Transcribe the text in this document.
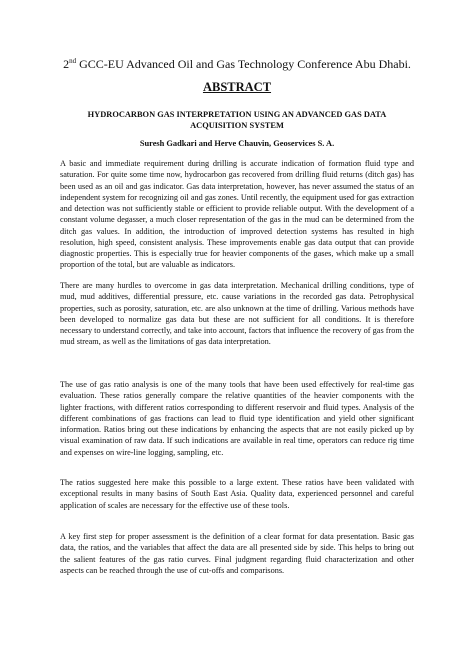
2nd GCC-EU Advanced Oil and Gas Technology Conference Abu Dhabi.
ABSTRACT
HYDROCARBON GAS INTERPRETATION USING AN ADVANCED GAS DATA ACQUISITION SYSTEM
Suresh Gadkari and Herve Chauvin, Geoservices S. A.

A basic and immediate requirement during drilling is accurate indication of formation fluid type and saturation. For quite some time now, hydrocarbon gas recovered from drilling fluid returns (ditch gas) has been used as an oil and gas indicator. Gas data interpretation, however, has never assumed the status of an independent system for recognizing oil and gas zones. Until recently, the equipment used for gas extraction and detection was not sufficiently stable or efficient to provide reliable output. With the development of a constant volume degasser, a much closer representation of the gas in the mud can be determined from the ditch gas values. In addition, the introduction of improved detection systems has resulted in high resolution, high speed, consistent analysis. These improvements enable gas data output that can provide diagnostic properties. This is especially true for heavier components of the gases, which make up a small proportion of the total, but are valuable as indicators.

There are many hurdles to overcome in gas data interpretation. Mechanical drilling conditions, type of mud, mud additives, differential pressure, etc. cause variations in the recorded gas data. Petrophysical properties, such as porosity, saturation, etc. are also unknown at the time of drilling. Various methods have been developed to normalize gas data but these are not sufficient for all conditions. It is therefore necessary to understand correctly, and take into account, factors that influence the recovery of gas from the mud stream, as well as the limitations of gas data interpretation.

The use of gas ratio analysis is one of the many tools that have been used effectively for real-time gas evaluation. These ratios generally compare the relative quantities of the heavier components with the lighter fractions, with different ratios corresponding to different reservoir and fluid types. Analysis of the different combinations of gas fractions can lead to fluid type identification and yield other significant information. Ratios bring out these indications by enhancing the aspects that are not easily picked up by visual examination of raw data. If such indications are available in real time, operators can reduce rig time and expenses on wire-line logging, sampling, etc.

The ratios suggested here make this possible to a large extent. These ratios have been validated with exceptional results in many basins of South East Asia. Quality data, experienced personnel and careful application of scales are necessary for the effective use of these tools.

A key first step for proper assessment is the definition of a clear format for data presentation. Basic gas data, the ratios, and the variables that affect the data are all presented side by side. This helps to bring out the salient features of the gas ratio curves. Final judgment regarding fluid characterization and other aspects can be reached through the use of cut-offs and comparisons.
